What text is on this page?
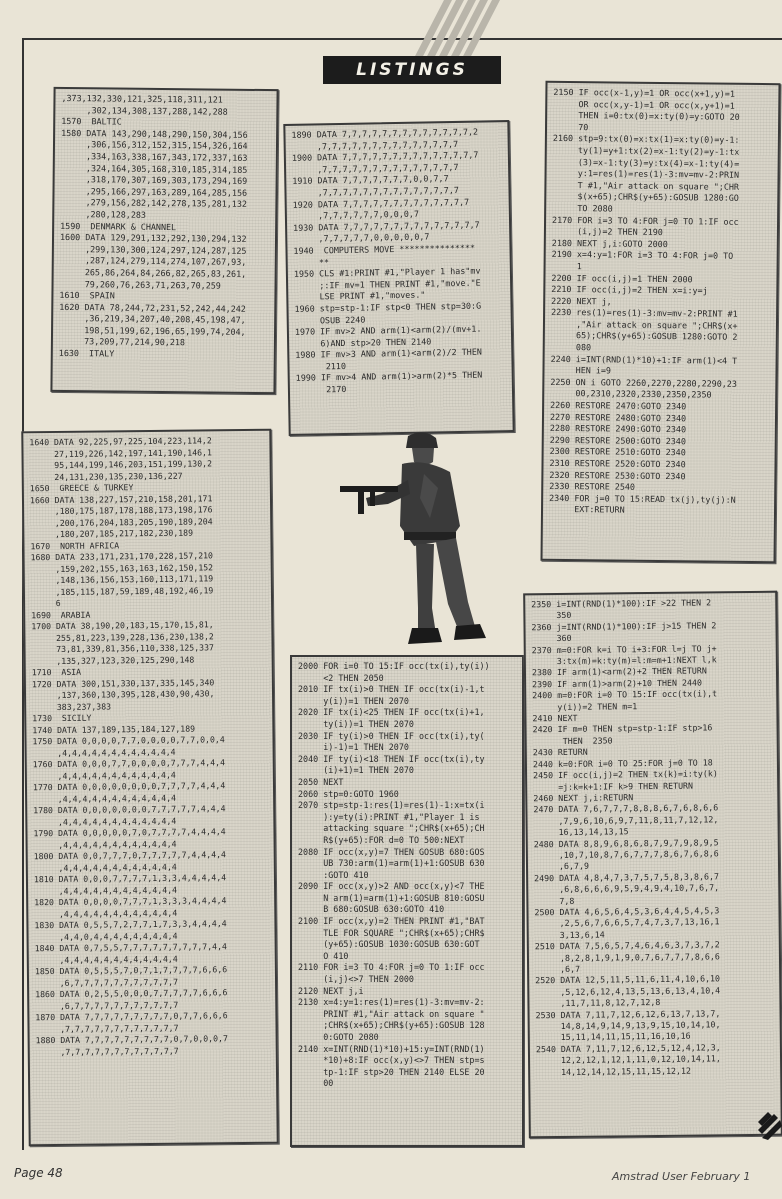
LISTINGS
,373,132,330,121,325,118,311,121
,302,134,308,137,288,142,288
1570  BALTIC
1580 DATA 143,290,148,290,150,304,156
,306,156,312,152,315,154,326,164
,334,163,338,167,343,172,337,163
,324,164,305,168,310,185,314,185
,318,170,307,169,303,173,294,169
,295,166,297,163,289,164,285,156
,279,156,282,142,278,135,281,132
,280,128,283
1590  DENMARK & CHANNEL
1600 DATA 129,291,132,292,130,294,132
,299,130,300,124,297,124,287,125
,287,124,279,114,274,107,267,93,
265,86,264,84,266,82,265,83,261,
79,260,76,263,71,263,70,259
1610  SPAIN
1620 DATA 78,244,72,231,52,242,44,242
,36,219,34,207,40,208,45,198,47,
198,51,199,62,196,65,199,74,204,
73,209,77,214,90,218
1630  ITALY
1890 DATA 7,7,7,7,7,7,7,7,7,7,7,7,7,2
,7,7,7,7,7,7,7,7,7,7,7,7,7,7
1900 DATA 7,7,7,7,7,7,7,7,7,7,7,7,7,7
,7,7,7,7,7,7,7,7,7,7,7,7,7,7
1910 DATA 7,7,7,7,7,7,7,0,0,7,7
,7,7,7,7,7,7,7,7,7,7,7,7,7,7
1920 DATA 7,7,7,7,7,7,7,7,7,7,7,7,7
,7,7,7,7,7,7,0,0,0,7
1930 DATA 7,7,7,7,7,7,7,7,7,7,7,7,7,7
,7,7,7,7,7,0,0,0,0,0,7
1940  COMPUTERS MOVE ***************
**
1950 CLS #1:PRINT #1,"Player 1 has"mv
;:IF mv=1 THEN PRINT #1,"move."E
LSE PRINT #1,"moves."
1960 stp=stp-1:IF stp<0 THEN stp=30:G
OSUB 2240
1970 IF mv>2 AND arm(1)<arm(2)/(mv+1.
6)AND stp>20 THEN 2140
1980 IF mv>3 AND arm(1)<arm(2)/2 THEN
2110
1990 IF mv>4 AND arm(1)>arm(2)*5 THEN
2170
2150 IF occ(x-1,y)=1 OR occ(x+1,y)=1
OR occ(x,y-1)=1 OR occ(x,y+1)=1
THEN i=0:tx(0)=x:ty(0)=y:GOTO 20
70
2160 stp=9:tx(0)=x:tx(1)=x:ty(0)=y-1:
ty(1)=y+1:tx(2)=x-1:ty(2)=y-1:tx
(3)=x-1:ty(3)=y:tx(4)=x-1:ty(4)=
y:1=res(1)=res(1)-3:mv=mv-2:PRIN
T #1,"Air attack on square ";CHR
$(x+65);CHR$(y+65):GOSUB 1280:GO
TO 2080
2170 FOR i=3 TO 4:FOR j=0 TO 1:IF occ
(i,j)=2 THEN 2190
2180 NEXT j,i:GOTO 2000
2190 x=4:y=1:FOR i=3 TO 4:FOR j=0 TO
1
2200 IF occ(i,j)=1 THEN 2000
2210 IF occ(i,j)=2 THEN x=i:y=j
2220 NEXT j,
2230 res(1)=res(1)-3:mv=mv-2:PRINT #1
,"Air attack on square ";CHR$(x+
65);CHR$(y+65):GOSUB 1280:GOTO 2
080
2240 i=INT(RND(1)*10)+1:IF arm(1)<4 T
HEN i=9
2250 ON i GOTO 2260,2270,2280,2290,23
00,2310,2320,2330,2350,2350
2260 RESTORE 2470:GOTO 2340
2270 RESTORE 2480:GOTO 2340
2280 RESTORE 2490:GOTO 2340
2290 RESTORE 2500:GOTO 2340
2300 RESTORE 2510:GOTO 2340
2310 RESTORE 2520:GOTO 2340
2320 RESTORE 2530:GOTO 2340
2330 RESTORE 2540
2340 FOR j=0 TO 15:READ tx(j),ty(j):N
EXT:RETURN
1640 DATA 92,225,97,225,104,223,114,2
27,119,226,142,197,141,190,146,1
95,144,199,146,203,151,199,130,2
24,131,230,135,230,136,227
1650  GREECE & TURKEY
1660 DATA 138,227,157,210,158,201,171
,180,175,187,178,188,173,198,176
,200,176,204,183,205,190,189,204
,180,207,185,217,182,230,189
1670  NORTH AFRICA
1680 DATA 233,171,231,170,228,157,210
,159,202,155,163,163,162,150,152
,148,136,156,153,160,113,171,119
,185,115,187,59,189,48,192,46,19
6
1690  ARABIA
1700 DATA 38,190,20,183,15,170,15,81,
255,81,223,139,228,136,230,138,2
73,81,339,81,356,110,338,125,337
,135,327,123,320,125,290,148
1710  ASIA
1720 DATA 300,151,330,137,335,145,340
,137,360,130,395,128,430,90,430,
383,237,383
1730  SICILY
1740 DATA 137,189,135,184,127,189
1750 DATA 0,0,0,0,7,7,0,0,0,0,7,7,0,0,4
,4,4,4,4,4,4,4,4,4,4,4,4
1760 DATA 0,0,0,7,7,0,0,0,0,7,7,7,4,4,4
,4,4,4,4,4,4,4,4,4,4,4,4
1770 DATA 0,0,0,0,0,0,0,0,7,7,7,7,4,4,4
,4,4,4,4,4,4,4,4,4,4,4,4
1780 DATA 0,0,0,0,0,0,0,7,7,7,7,7,4,4,4
,4,4,4,4,4,4,4,4,4,4,4,4
1790 DATA 0,0,0,0,0,7,0,7,7,7,7,4,4,4,4
,4,4,4,4,4,4,4,4,4,4,4,4
1800 DATA 0,0,7,7,7,0,7,7,7,7,7,4,4,4,4
,4,4,4,4,4,4,4,4,4,4,4,4
1810 DATA 0,0,0,7,7,7,7,1,3,3,4,4,4,4,4
,4,4,4,4,4,4,4,4,4,4,4,4
1820 DATA 0,0,0,0,7,7,7,1,3,3,3,4,4,4,4
,4,4,4,4,4,4,4,4,4,4,4,4
1830 DATA 0,5,5,7,2,7,7,1,7,3,3,4,4,4,4
,4,4,0,4,4,4,4,4,4,4,4,4
1840 DATA 0,7,5,5,7,7,7,7,7,7,7,7,7,4,4
,4,4,4,4,4,4,4,4,4,4,4,4
1850 DATA 0,5,5,5,7,0,7,1,7,7,7,7,6,6,6
,6,7,7,7,7,7,7,7,7,7,7,7
1860 DATA 0,2,5,5,0,0,0,7,7,7,7,7,6,6,6
,6,7,7,7,7,7,7,7,7,7,7,7
1870 DATA 7,7,7,7,7,7,7,7,7,0,7,7,6,6,6
,7,7,7,7,7,7,7,7,7,7,7,7
1880 DATA 7,7,7,7,7,7,7,7,7,0,7,0,0,0,7
,7,7,7,7,7,7,7,7,7,7,7,7
2000 FOR i=0 TO 15:IF occ(tx(i),ty(i))
<2 THEN 2050
2010 IF tx(i)>0 THEN IF occ(tx(i)-1,t
y(i))=1 THEN 2070
2020 IF tx(i)<25 THEN IF occ(tx(i)+1,
ty(i))=1 THEN 2070
2030 IF ty(i)>0 THEN IF occ(tx(i),ty(
i)-1)=1 THEN 2070
2040 IF ty(i)<18 THEN IF occ(tx(i),ty
(i)+1)=1 THEN 2070
2050 NEXT
2060 stp=0:GOTO 1960
2070 stp=stp-1:res(1)=res(1)-1:x=tx(i
):y=ty(i):PRINT #1,"Player 1 is
attacking square ";CHR$(x+65);CH
R$(y+65):FOR d=0 TO 500:NEXT
2080 IF occ(x,y)=7 THEN GOSUB 680:GOS
UB 730:arm(1)=arm(1)+1:GOSUB 630
:GOTO 410
2090 IF occ(x,y)>2 AND occ(x,y)<7 THE
N arm(1)=arm(1)+1:GOSUB 810:GOSU
B 680:GOSUB 630:GOTO 410
2100 IF occ(x,y)=2 THEN PRINT #1,"BAT
TLE FOR SQUARE ";CHR$(x+65);CHR$
(y+65):GOSUB 1030:GOSUB 630:GOT
O 410
2110 FOR i=3 TO 4:FOR j=0 TO 1:IF occ
(i,j)<>7 THEN 2000
2120 NEXT j,i
2130 x=4:y=1:res(1)=res(1)-3:mv=mv-2:
PRINT #1,"Air attack on square "
;CHR$(x+65);CHR$(y+65):GOSUB 128
0:GOTO 2080
2140 x=INT(RND(1)*10)+15:y=INT(RND(1)
*10)+8:IF occ(x,y)<>7 THEN stp=s
tp-1:IF stp>20 THEN 2140 ELSE 20
00
2350 i=INT(RND(1)*100):IF >22 THEN 2
350
2360 j=INT(RND(1)*100):IF j>15 THEN 2
360
2370 m=0:FOR k=i TO i+3:FOR l=j TO j+
3:tx(m)=k:ty(m)=l:m=m+1:NEXT l,k
2380 IF arm(1)<arm(2)+2 THEN RETURN
2390 IF arm(1)>arm(2)+10 THEN 2440
2400 m=0:FOR i=0 TO 15:IF occ(tx(i),t
y(i))=2 THEN m=1
2410 NEXT
2420 IF m=0 THEN stp=stp-1:IF stp>16
THEN  2350
2430 RETURN
2440 k=0:FOR i=0 TO 25:FOR j=0 TO 18
2450 IF occ(i,j)=2 THEN tx(k)=i:ty(k)
=j:k=k+1:IF k>9 THEN RETURN
2460 NEXT j,i:RETURN
2470 DATA 7,6,7,7,7,8,8,8,6,7,6,8,6,6
,7,9,6,10,6,9,7,11,8,11,7,12,12,
16,13,14,13,15
2480 DATA 8,8,9,6,8,6,8,7,9,7,9,8,9,5
,10,7,10,8,7,6,7,7,7,8,6,7,6,8,6
,6,7,9
2490 DATA 4,8,4,7,3,7,5,7,5,8,3,8,6,7
,6,8,6,6,6,9,5,9,4,9,4,10,7,6,7,
7,8
2500 DATA 4,6,5,6,4,5,3,6,4,4,5,4,5,3
,2,5,6,7,6,6,5,7,4,7,3,7,13,16,1
3,13,6,14
2510 DATA 7,5,6,5,7,4,6,4,6,3,7,3,7,2
,8,2,8,1,9,1,9,0,7,6,7,7,7,8,6,6
,6,7
2520 DATA 12,5,11,5,11,6,11,4,10,6,10
,5,12,6,12,4,13,5,13,6,13,4,10,4
,11,7,11,8,12,7,12,8
2530 DATA 7,11,7,12,6,12,6,13,7,13,7,
14,8,14,9,14,9,13,9,15,10,14,10,
15,11,14,11,15,11,16,10,16
2540 DATA 7,11,7,12,6,12,5,12,4,12,3,
12,2,12,1,12,1,11,0,12,10,14,11,
14,12,14,12,15,11,15,12,12
Page 48	Amstrad User February 1
